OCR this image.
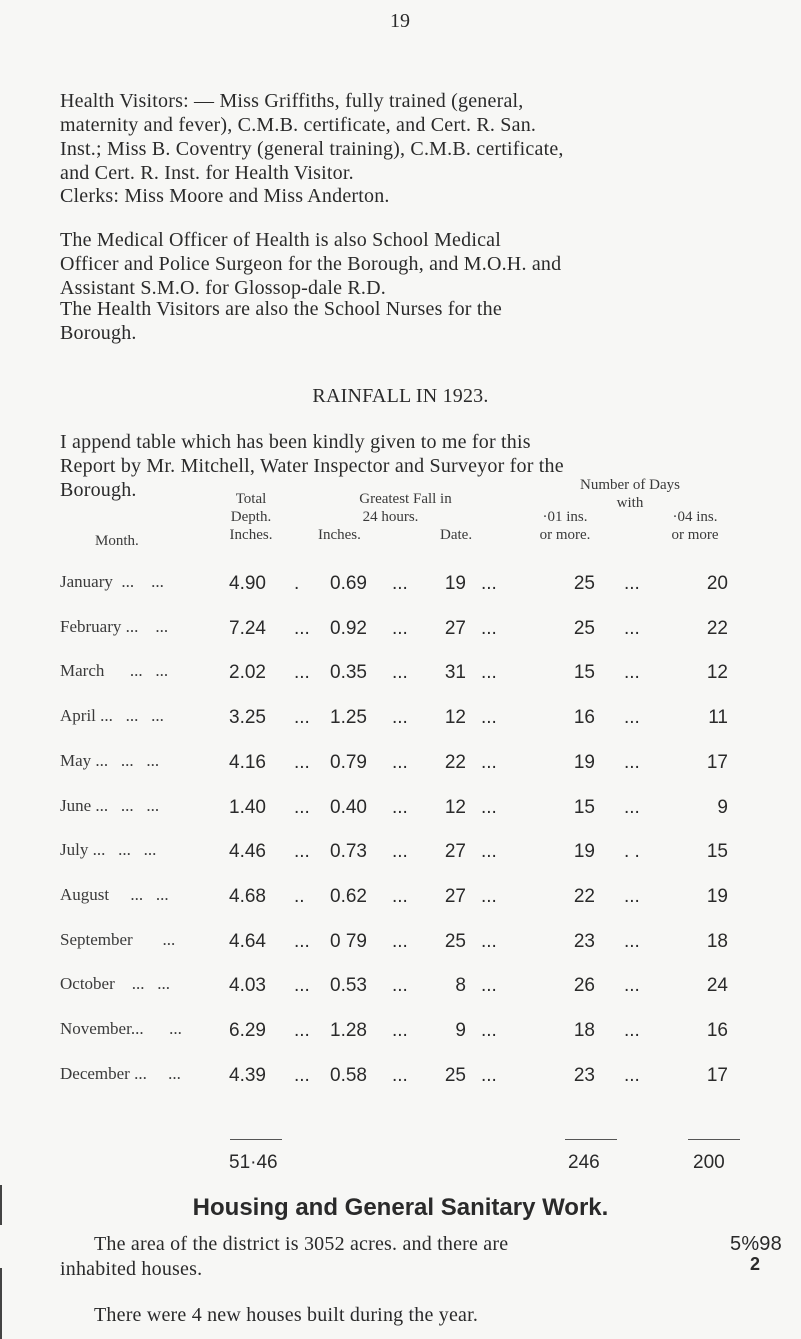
19
Health Visitors: — Miss Griffiths, fully trained (general,
maternity and fever), C.M.B. certificate, and Cert. R. San.
Inst.; Miss B. Coventry (general training), C.M.B. certificate,
and Cert. R. Inst. for Health Visitor.
Clerks: Miss Moore and Miss Anderton.
The Medical Officer of Health is also School Medical
Officer and Police Surgeon for the Borough, and M.O.H. and
Assistant S.M.O. for Glossop-dale R.D.
The Health Visitors are also the School Nurses for the
Borough.
RAINFALL IN 1923.
I append table which has been kindly given to me for this
Report by Mr. Mitchell, Water Inspector and Surveyor for the
Borough.
Month.
Total
Depth.
Inches.
Greatest Fall in
24 hours.
Inches.	Date.
Number of Days
with
·01 ins.
or more.
·04 ins.
or more
January  ...    ...	4.90 . 0.69 ...	19 ...	25 ...	20
February ...    ...	7.24 ... 0.92 ...	27 ...	25 ...	22
March      ...   ...	2.02 ... 0.35 ...	31 ...	15 ...	12
April ...   ...   ...	3.25 ... 1.25 ...	12 ...	16 ...	11
May ...   ...   ...	4.16 ... 0.79 ...	22 ...	19 ...	17
June ...   ...   ...	1.40 ... 0.40 ...	12 ...	15 ...	9
July ...   ...   ...	4.46 ... 0.73 ...	27 ...	19 . .	15
August     ...   ...	4.68 .. 0.62 ...	27 ...	22 ...	19
September       ...	4.64 ... 0 79 ...	25 ...	23 ...	18
October    ...   ...	4.03 ... 0.53 ...	8 ...	26 ...	24
November...      ... 6.29 ... 1.28 ...	9 ...	18 ...	16
December ...     ...	4.39 ... 0.58 ...	25 ...	23 ...	17
51·46	246	200
Housing and General Sanitary Work.
The area of the district is 3052 acres. and there are	5%98
2
inhabited houses.
There were 4 new houses built during the year.
